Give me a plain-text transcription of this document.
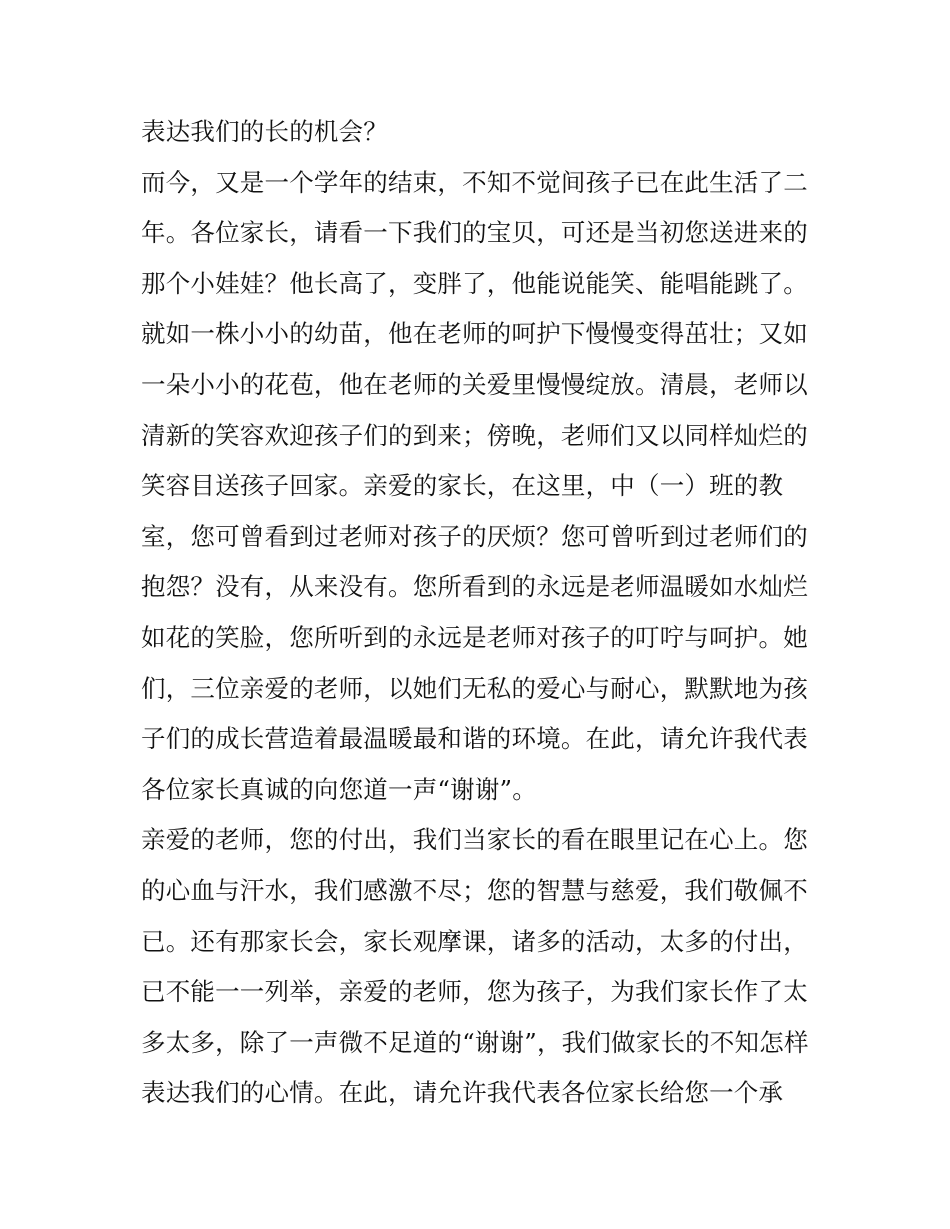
表达我们的长的机会？
而今，又是一个学年的结束，不知不觉间孩子已在此生活了二
年。各位家长，请看一下我们的宝贝，可还是当初您送进来的
那个小娃娃？他长高了，变胖了，他能说能笑、能唱能跳了。
就如一株小小的幼苗，他在老师的呵护下慢慢变得茁壮；又如
一朵小小的花苞，他在老师的关爱里慢慢绽放。清晨，老师以
清新的笑容欢迎孩子们的到来；傍晚，老师们又以同样灿烂的
笑容目送孩子回家。亲爱的家长，在这里，中（一）班的教
室，您可曾看到过老师对孩子的厌烦？您可曾听到过老师们的
抱怨？没有，从来没有。您所看到的永远是老师温暖如水灿烂
如花的笑脸，您所听到的永远是老师对孩子的叮咛与呵护。她
们，三位亲爱的老师，以她们无私的爱心与耐心，默默地为孩
子们的成长营造着最温暖最和谐的环境。在此，请允许我代表
各位家长真诚的向您道一声“谢谢”。
亲爱的老师，您的付出，我们当家长的看在眼里记在心上。您
的心血与汗水，我们感激不尽；您的智慧与慈爱，我们敬佩不
已。还有那家长会，家长观摩课，诸多的活动，太多的付出，
已不能一一列举，亲爱的老师，您为孩子，为我们家长作了太
多太多，除了一声微不足道的“谢谢”，我们做家长的不知怎样
表达我们的心情。在此，请允许我代表各位家长给您一个承
